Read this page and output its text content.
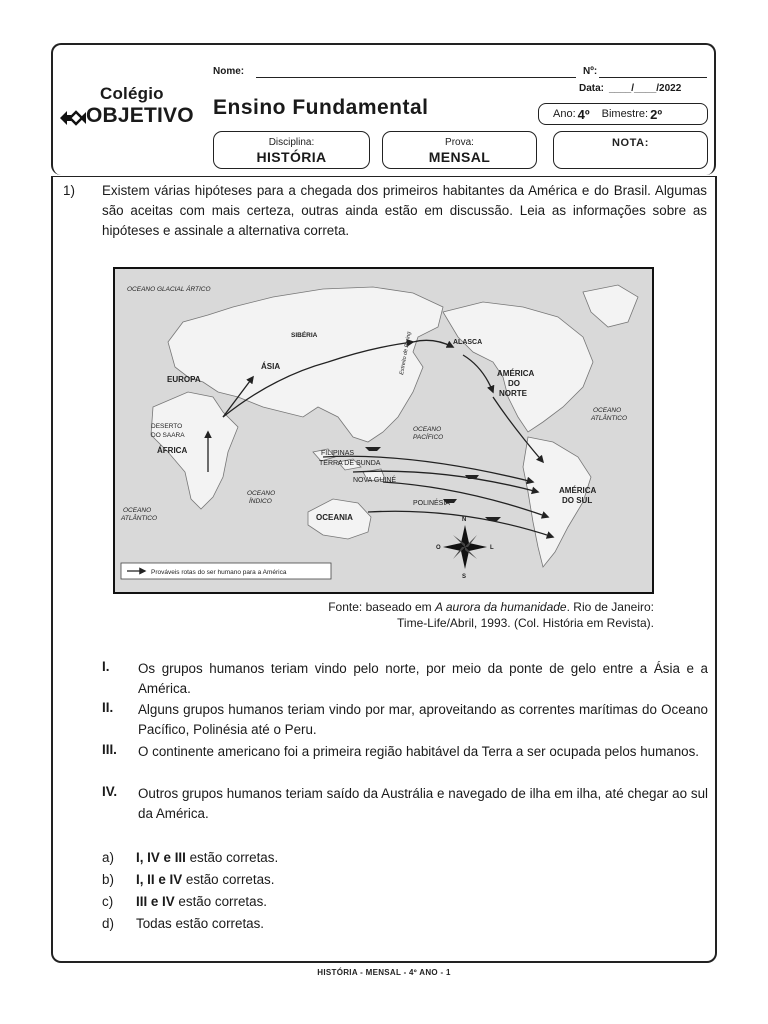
Colégio
OBJETIVO
Nome:	Nº:
Data: ____/____/2022
Ensino Fundamental	Ano: 4º Bimestre: 2º
Disciplina:
HISTÓRIA
Prova:
MENSAL
NOTA:
1) Existem várias hipóteses para a chegada dos primeiros habitantes da América e do Brasil. Algumas são aceitas com mais certeza, outras ainda estão em discussão. Leia as informações sobre as hipóteses e assinale a alternativa correta.
OCEANO GLACIAL ÁRTICO
SIBÉRIA	Estreito de Bering	ALASCA
AMÉRICA
DO
NORTE
EUROPA
ÁSIA
DESERTO
DO SAARA
ÁFRICA
OCEANO
PACÍFICO
OCEANO
ATLÂNTICO
FILIPINAS
TERRA DE SUNDA
NOVA GUINÉ
OCEANO
ÍNDICO
OCEANIA
POLINÉSIA
AMÉRICA
DO SUL
OCEANO
ATLÂNTICO	N
S
L
O
Prováveis rotas do ser humano para a América
Fonte: baseado em A aurora da humanidade. Rio de Janeiro:
Time-Life/Abril, 1993. (Col. História em Revista).
I. Os grupos humanos teriam vindo pelo norte, por meio da ponte de gelo entre a Ásia e a América.
II. Alguns grupos humanos teriam vindo por mar, aproveitando as correntes marítimas do Oceano Pacífico, Polinésia até o Peru.
III. O continente americano foi a primeira região habitável da Terra a ser ocupada pelos humanos.
IV. Outros grupos humanos teriam saído da Austrália e navegado de ilha em ilha, até chegar ao sul da América.
a) I, IV e III estão corretas.
b) I, II e IV estão corretas.
c) III e IV estão corretas.
d) Todas estão corretas.
HISTÓRIA - MENSAL - 4º ANO - 1
